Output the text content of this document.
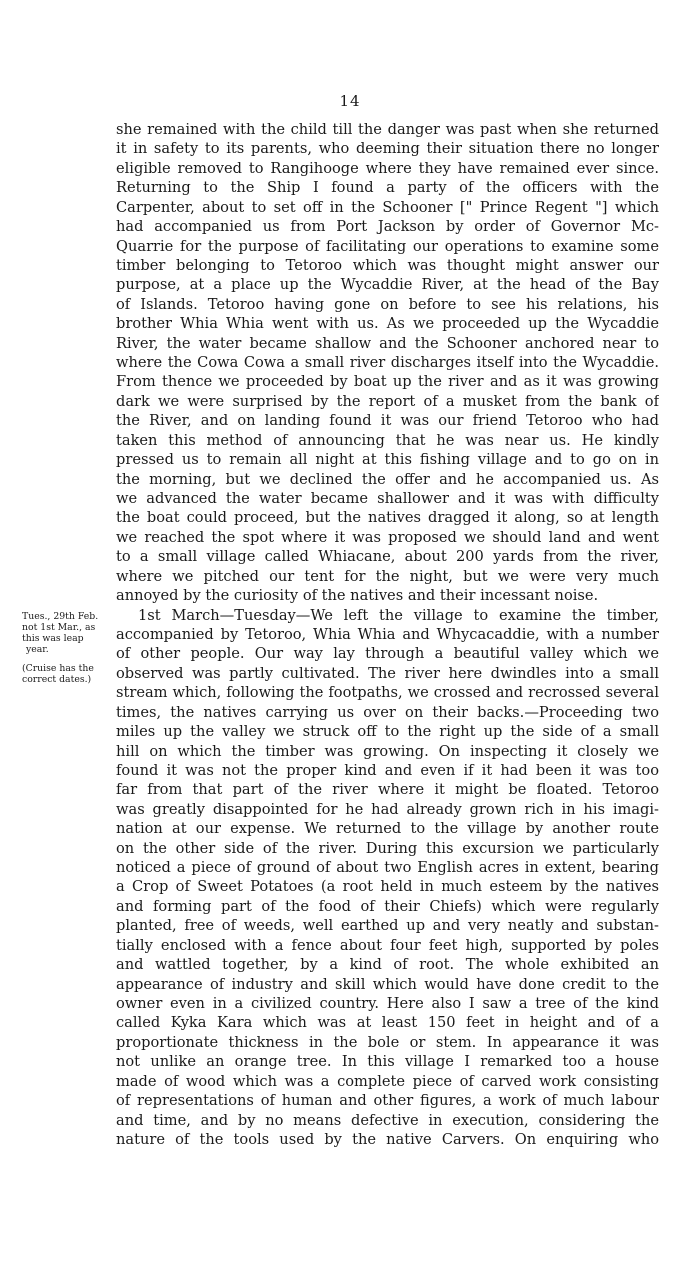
14
she remained with the child till the danger was past when she returned
it in safety to its parents, who deeming their situation there no longer
eligible removed to Rangihooge where they have remained ever since.
Returning to the Ship I found a party of the officers with the
Carpenter, about to set off in the Schooner [" Prince Regent "] which
had accompanied us from Port Jackson by order of Governor Mc-
Quarrie for the purpose of facilitating our operations to examine some
timber belonging to Tetoroo which was thought might answer our
purpose, at a place up the Wycaddie River, at the head of the Bay
of Islands. Tetoroo having gone on before to see his relations, his
brother Whia Whia went with us. As we proceeded up the Wycaddie
River, the water became shallow and the Schooner anchored near to
where the Cowa Cowa a small river discharges itself into the Wycaddie.
From thence we proceeded by boat up the river and as it was growing
dark we were surprised by the report of a musket from the bank of
the River, and on landing found it was our friend Tetoroo who had
taken this method of announcing that he was near us. He kindly
pressed us to remain all night at this fishing village and to go on in
the morning, but we declined the offer and he accompanied us. As
we advanced the water became shallower and it was with difficulty
the boat could proceed, but the natives dragged it along, so at length
we reached the spot where it was proposed we should land and went
to a small village called Whiacane, about 200 yards from the river,
where we pitched our tent for the night, but we were very much
annoyed by the curiosity of the natives and their incessant noise.
1st March—Tuesday—We left the village to examine the timber,
accompanied by Tetoroo, Whia Whia and Whycacaddie, with a number
of other people. Our way lay through a beautiful valley which we
observed was partly cultivated. The river here dwindles into a small
stream which, following the footpaths, we crossed and recrossed several
times, the natives carrying us over on their backs.—Proceeding two
miles up the valley we struck off to the right up the side of a small
hill on which the timber was growing. On inspecting it closely we
found it was not the proper kind and even if it had been it was too
far from that part of the river where it might be floated. Tetoroo
was greatly disappointed for he had already grown rich in his imagi-
nation at our expense. We returned to the village by another route
on the other side of the river. During this excursion we particularly
noticed a piece of ground of about two English acres in extent, bearing
a Crop of Sweet Potatoes (a root held in much esteem by the natives
and forming part of the food of their Chiefs) which were regularly
planted, free of weeds, well earthed up and very neatly and substan-
tially enclosed with a fence about four feet high, supported by poles
and wattled together, by a kind of root. The whole exhibited an
appearance of industry and skill which would have done credit to the
owner even in a civilized country. Here also I saw a tree of the kind
called Kyka Kara which was at least 150 feet in height and of a
proportionate thickness in the bole or stem. In appearance it was
not unlike an orange tree. In this village I remarked too a house
made of wood which was a complete piece of carved work consisting
of representations of human and other figures, a work of much labour
and time, and by no means defective in execution, considering the
nature of the tools used by the native Carvers. On enquiring who
Tues., 29th Feb.
not 1st Mar., as
this was leap
year.
(Cruise has the
correct dates.)
